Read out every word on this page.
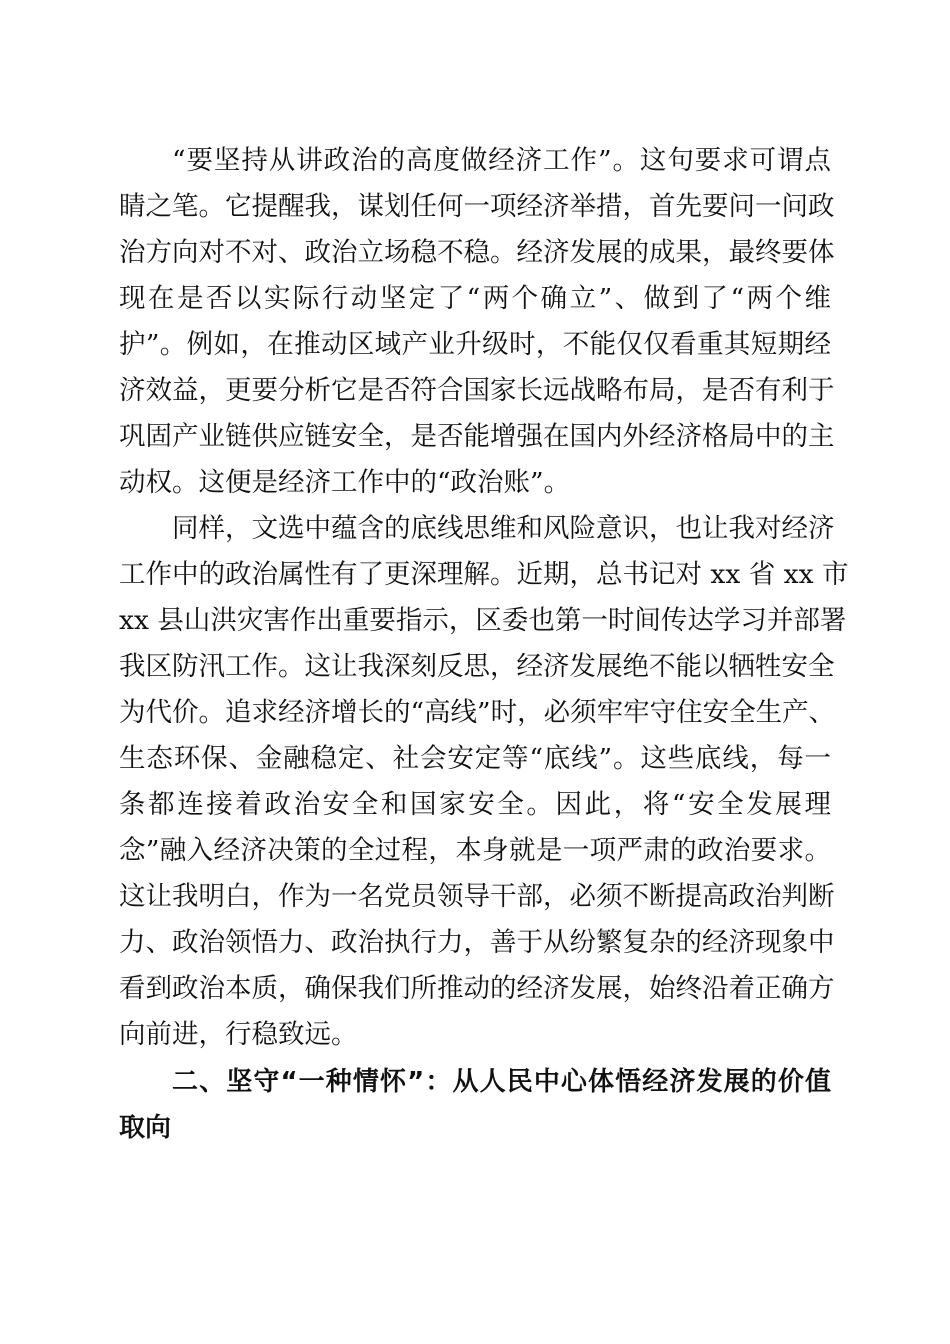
“要坚持从讲政治的高度做经济工作”。这句要求可谓点
睛之笔。它提醒我，谋划任何一项经济举措，首先要问一问政
治方向对不对、政治立场稳不稳。经济发展的成果，最终要体
现在是否以实际行动坚定了“两个确立”、做到了“两个维
护”。例如，在推动区域产业升级时，不能仅仅看重其短期经
济效益，更要分析它是否符合国家长远战略布局，是否有利于
巩固产业链供应链安全，是否能增强在国内外经济格局中的主
动权。这便是经济工作中的“政治账”。
同样，文选中蕴含的底线思维和风险意识，也让我对经济
工作中的政治属性有了更深理解。近期，总书记对 xx 省 xx 市
xx 县山洪灾害作出重要指示，区委也第一时间传达学习并部署
我区防汛工作。这让我深刻反思，经济发展绝不能以牺牲安全
为代价。追求经济增长的“高线”时，必须牢牢守住安全生产、
生态环保、金融稳定、社会安定等“底线”。这些底线，每一
条都连接着政治安全和国家安全。因此，将“安全发展理
念”融入经济决策的全过程，本身就是一项严肃的政治要求。
这让我明白，作为一名党员领导干部，必须不断提高政治判断
力、政治领悟力、政治执行力，善于从纷繁复杂的经济现象中
看到政治本质，确保我们所推动的经济发展，始终沿着正确方
向前进，行稳致远。
二、坚守“一种情怀”：从人民中心体悟经济发展的价值
取向
